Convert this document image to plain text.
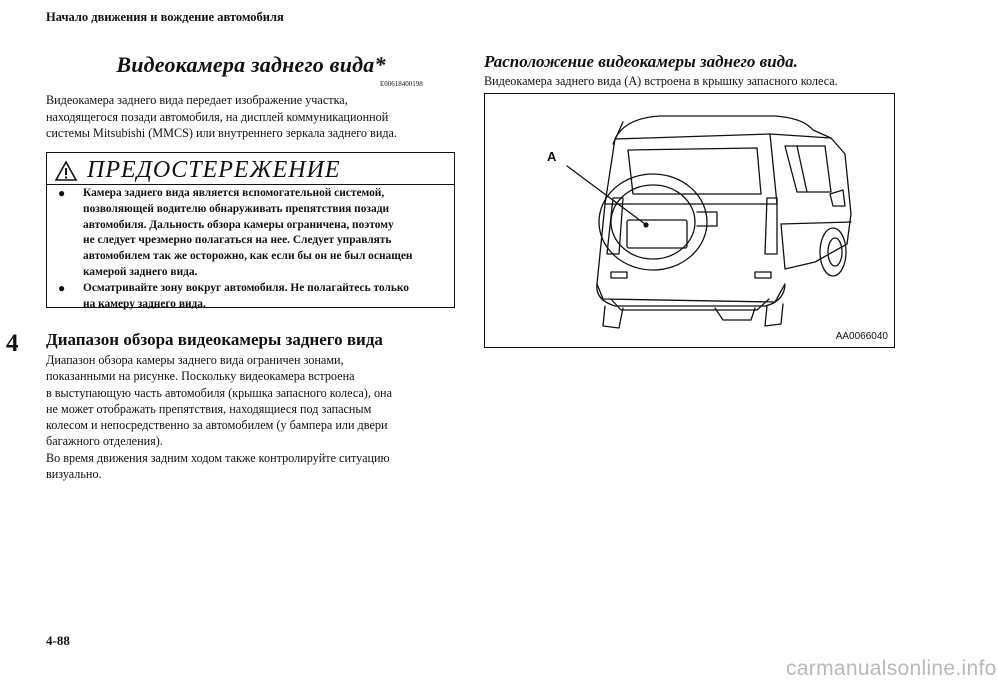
Начало движения и вождение автомобиля
4
Видеокамера заднего вида*
E00618400198
Видеокамера заднего вида передает изображение участка,
находящегося позади автомобиля, на дисплей коммуникационной
системы Mitsubishi (MMCS) или внутреннего зеркала заднего вида.
ПРЕДОСТЕРЕЖЕНИЕ
● Камера заднего вида является вспомогательной системой,
позволяющей водителю обнаруживать препятствия позади
автомобиля. Дальность обзора камеры ограничена, поэтому
не следует чрезмерно полагаться на нее. Следует управлять
автомобилем так же осторожно, как если бы он не был оснащен
камерой заднего вида.
● Осматривайте зону вокруг автомобиля. Не полагайтесь только
на камеру заднего вида.
Диапазон обзора видеокамеры заднего вида
Диапазон обзора камеры заднего вида ограничен зонами,
показанными на рисунке. Поскольку видеокамера встроена
в выступающую часть автомобиля (крышка запасного колеса), она
не может отображать препятствия, находящиеся под запасным
колесом и непосредственно за автомобилем (у бампера или двери
багажного отделения).
Во время движения задним ходом также контролируйте ситуацию
визуально.
Расположение видеокамеры заднего вида.
Видеокамера заднего вида (A) встроена в крышку запасного колеса.
A
AA0066040
4-88
carmanualsonline.info
